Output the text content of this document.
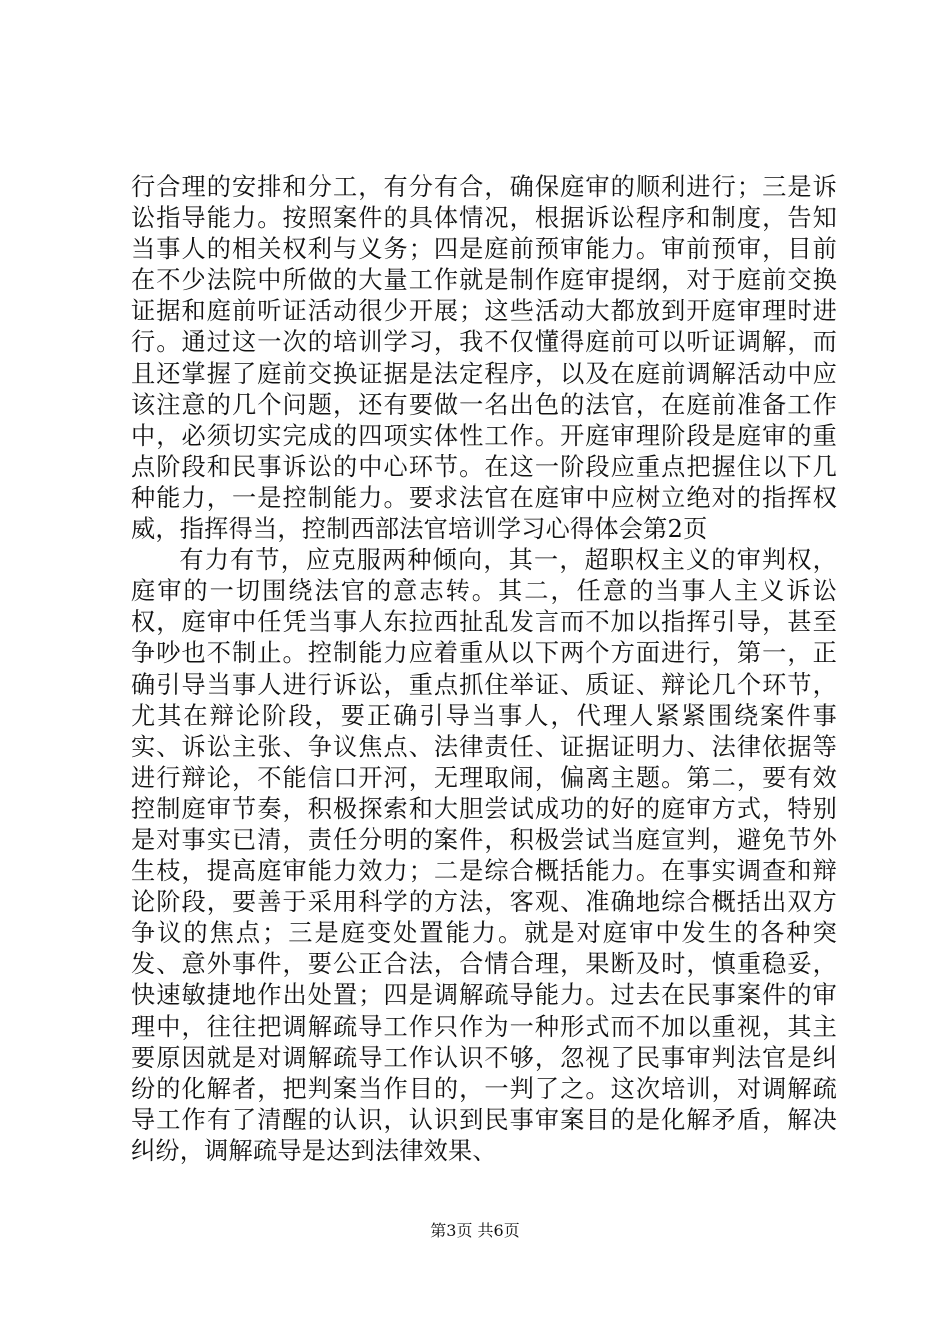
行合理的安排和分工，有分有合，确保庭审的顺利进行；三是诉讼指导能力。按照案件的具体情况，根据诉讼程序和制度，告知当事人的相关权利与义务；四是庭前预审能力。审前预审，目前在不少法院中所做的大量工作就是制作庭审提纲，对于庭前交换证据和庭前听证活动很少开展；这些活动大都放到开庭审理时进行。通过这一次的培训学习，我不仅懂得庭前可以听证调解，而且还掌握了庭前交换证据是法定程序，以及在庭前调解活动中应该注意的几个问题，还有要做一名出色的法官，在庭前准备工作中，必须切实完成的四项实体性工作。开庭审理阶段是庭审的重点阶段和民事诉讼的中心环节。在这一阶段应重点把握住以下几种能力，一是控制能力。要求法官在庭审中应树立绝对的指挥权威，指挥得当，控制西部法官培训学习心得体会第2页

有力有节，应克服两种倾向，其一，超职权主义的审判权，庭审的一切围绕法官的意志转。其二，任意的当事人主义诉讼权，庭审中任凭当事人东拉西扯乱发言而不加以指挥引导，甚至争吵也不制止。控制能力应着重从以下两个方面进行，第一，正确引导当事人进行诉讼，重点抓住举证、质证、辩论几个环节，尤其在辩论阶段，要正确引导当事人，代理人紧紧围绕案件事实、诉讼主张、争议焦点、法律责任、证据证明力、法律依据等进行辩论，不能信口开河，无理取闹，偏离主题。第二，要有效控制庭审节奏，积极探索和大胆尝试成功的好的庭审方式，特别是对事实已清，责任分明的案件，积极尝试当庭宣判，避免节外生枝，提高庭审能力效力；二是综合概括能力。在事实调查和辩论阶段，要善于采用科学的方法，客观、准确地综合概括出双方争议的焦点；三是庭变处置能力。就是对庭审中发生的各种突发、意外事件，要公正合法，合情合理，果断及时，慎重稳妥，快速敏捷地作出处置；四是调解疏导能力。过去在民事案件的审理中，往往把调解疏导工作只作为一种形式而不加以重视，其主要原因就是对调解疏导工作认识不够，忽视了民事审判法官是纠纷的化解者，把判案当作目的，一判了之。这次培训，对调解疏导工作有了清醒的认识，认识到民事审案目的是化解矛盾，解决纠纷，调解疏导是达到法律效果、

第3页 共6页
